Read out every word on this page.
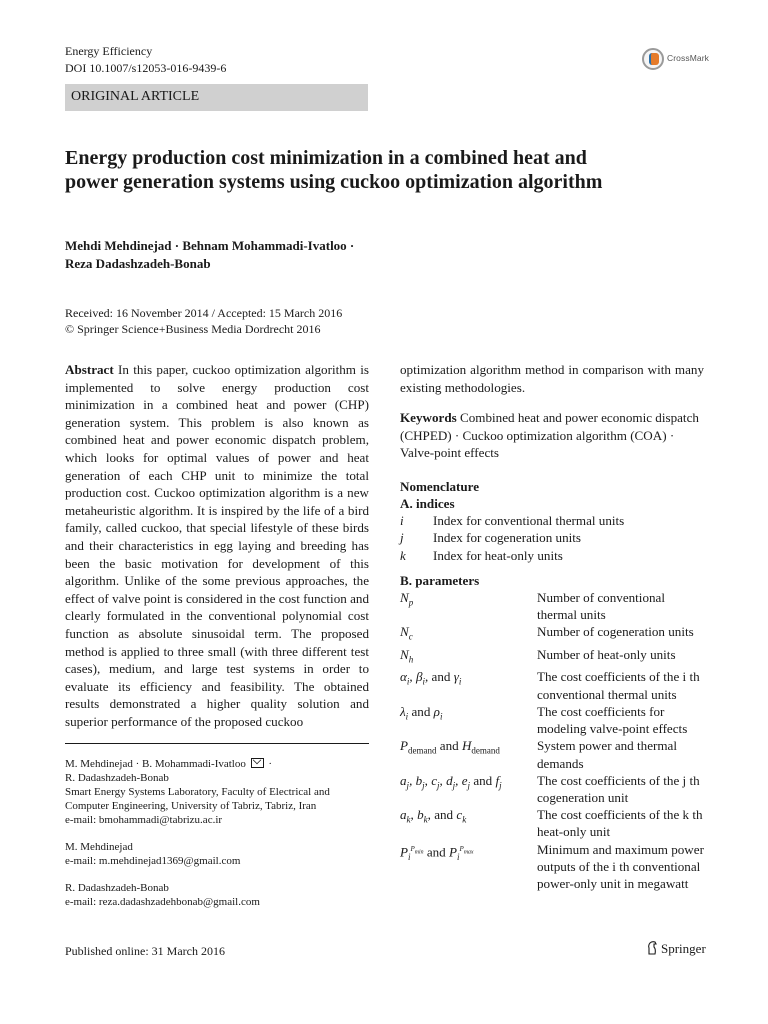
Energy Efficiency
DOI 10.1007/s12053-016-9439-6
CrossMark
ORIGINAL ARTICLE
Energy production cost minimization in a combined heat and power generation systems using cuckoo optimization algorithm
Mehdi Mehdinejad · Behnam Mohammadi-Ivatloo ·
Reza Dadashzadeh-Bonab
Received: 16 November 2014 / Accepted: 15 March 2016
© Springer Science+Business Media Dordrecht 2016
Abstract In this paper, cuckoo optimization algorithm is implemented to solve energy production cost minimization in a combined heat and power (CHP) generation system. This problem is also known as combined heat and power economic dispatch problem, which looks for optimal values of power and heat generation of each CHP unit to minimize the total production cost. Cuckoo optimization algorithm is a new metaheuristic algorithm. It is inspired by the life of a bird family, called cuckoo, that special lifestyle of these birds and their characteristics in egg laying and breeding has been the basic motivation for development of this algorithm. Unlike of the some previous approaches, the effect of valve point is considered in the cost function and clearly formulated in the conventional polynomial cost function as absolute sinusoidal term. The proposed method is applied to three small (with three different test cases), medium, and large test systems in order to evaluate its efficiency and feasibility. The obtained results demonstrated a higher quality solution and superior performance of the proposed cuckoo
optimization algorithm method in comparison with many existing methodologies.
Keywords Combined heat and power economic dispatch (CHPED) · Cuckoo optimization algorithm (COA) · Valve-point effects
Nomenclature
A. indices
i	Index for conventional thermal units
j	Index for cogeneration units
k	Index for heat-only units
B. parameters
$N_p$	Number of conventional thermal units
$N_c$	Number of cogeneration units
$N_h$	Number of heat-only units
$\alpha_i$, $\beta_i$, and $\gamma_i$	The cost coefficients of the i th conventional thermal units
$\lambda_i$ and $\rho_i$	The cost coefficients for modeling valve-point effects
$P_{demand}$ and $H_{demand}$	System power and thermal demands
$a_j$, $b_j$, $c_j$, $d_j$, $e_j$ and $f_j$	The cost coefficients of the j th cogeneration unit
$a_k$, $b_k$, and $c_k$	The cost coefficients of the k th heat-only unit
$P_i^{P_{min}}$ and $P_i^{P_{max}}$	Minimum and maximum power outputs of the i th conventional power-only unit in megawatt

M. Mehdinejad · B. Mohammadi-Ivatloo ·
R. Dadashzadeh-Bonab
Smart Energy Systems Laboratory, Faculty of Electrical and Computer Engineering, University of Tabriz, Tabriz, Iran
e-mail: bmohammadi@tabrizu.ac.ir

M. Mehdinejad
e-mail: m.mehdinejad1369@gmail.com

R. Dadashzadeh-Bonab
e-mail: reza.dadashzadehbonab@gmail.com

Published online: 31 March 2016	Springer
